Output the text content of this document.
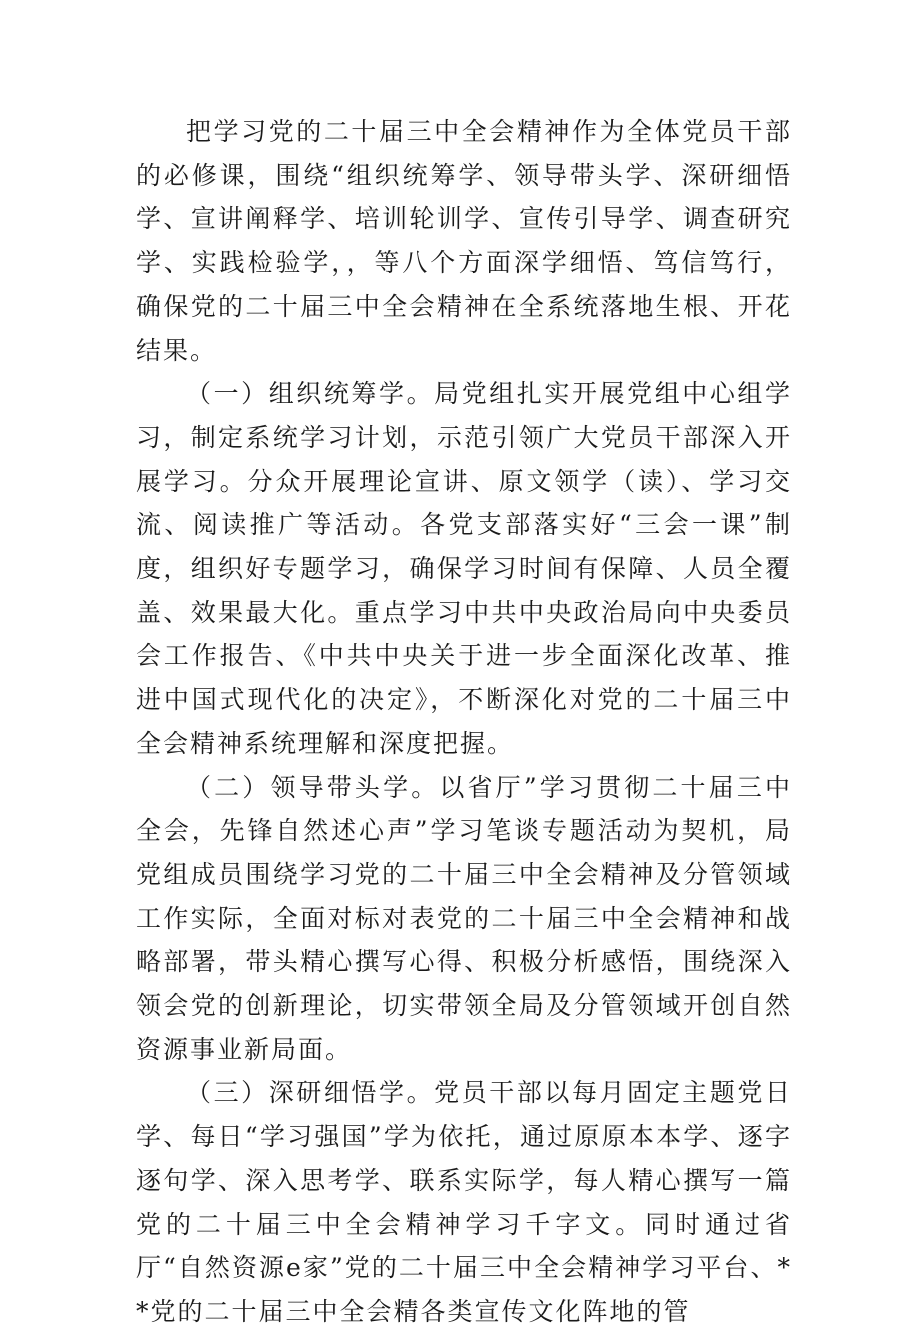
把学习党的二十届三中全会精神作为全体党员干部的必修课，围绕“组织统筹学、领导带头学、深研细悟学、宣讲阐释学、培训轮训学、宣传引导学、调查研究学、实践检验学，，等八个方面深学细悟、笃信笃行，确保党的二十届三中全会精神在全系统落地生根、开花结果。

（一）组织统筹学。局党组扎实开展党组中心组学习，制定系统学习计划，示范引领广大党员干部深入开展学习。分众开展理论宣讲、原文领学（读）、学习交流、阅读推广等活动。各党支部落实好“三会一课”制度，组织好专题学习，确保学习时间有保障、人员全覆盖、效果最大化。重点学习中共中央政治局向中央委员会工作报告、《中共中央关于进一步全面深化改革、推进中国式现代化的决定》，不断深化对党的二十届三中全会精神系统理解和深度把握。

（二）领导带头学。以省厅”学习贯彻二十届三中全会，先锋自然述心声”学习笔谈专题活动为契机，局党组成员围绕学习党的二十届三中全会精神及分管领域工作实际，全面对标对表党的二十届三中全会精神和战略部署，带头精心撰写心得、积极分析感悟，围绕深入领会党的创新理论，切实带领全局及分管领域开创自然资源事业新局面。

（三）深研细悟学。党员干部以每月固定主题党日学、每日“学习强国”学为依托，通过原原本本学、逐字逐句学、深入思考学、联系实际学，每人精心撰写一篇党的二十届三中全会精神学习千字文。同时通过省厅“自然资源e家”党的二十届三中全会精神学习平台、**党的二十届三中全会精各类宣传文化阵地的管
